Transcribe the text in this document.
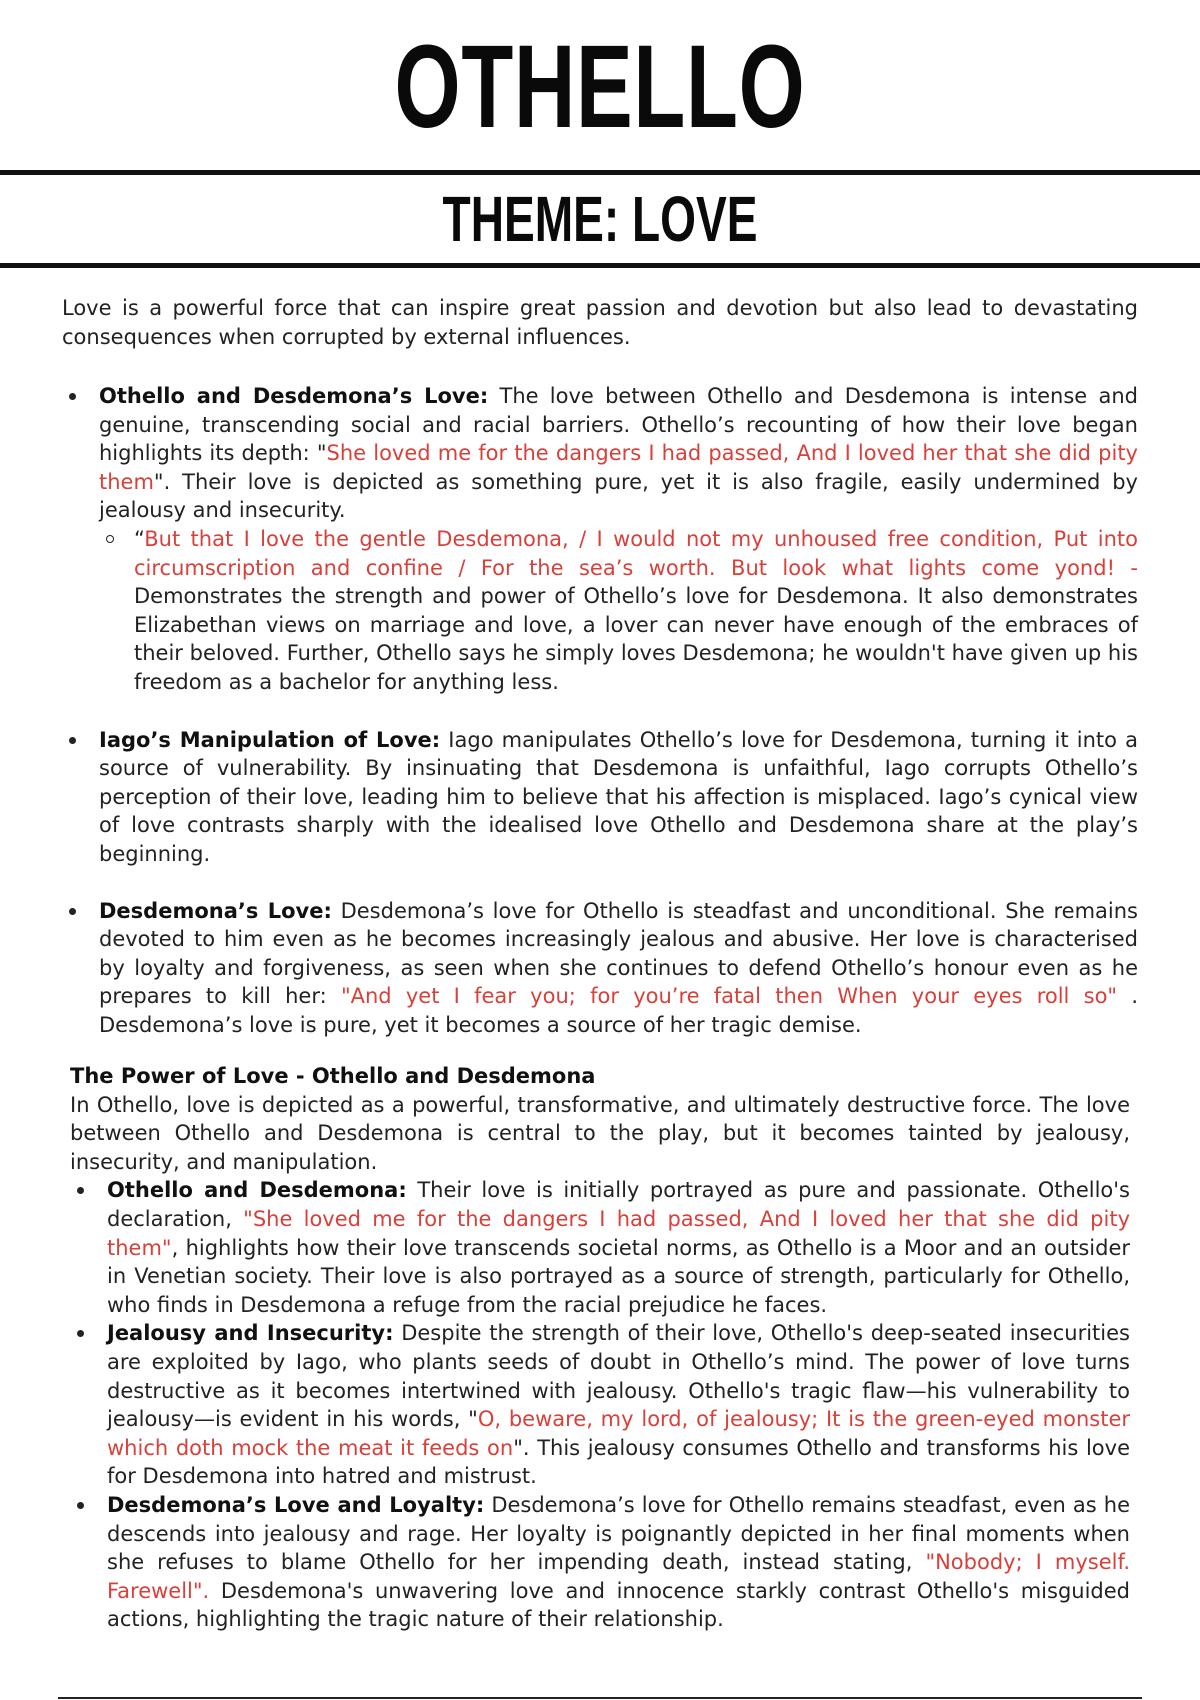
OTHELLO
THEME: LOVE

Love is a powerful force that can inspire great passion and devotion but also lead to devastating consequences when corrupted by external influences.

Othello and Desdemona’s Love: The love between Othello and Desdemona is intense and genuine, transcending social and racial barriers. Othello’s recounting of how their love began highlights its depth: "She loved me for the dangers I had passed, And I loved her that she did pity them". Their love is depicted as something pure, yet it is also fragile, easily undermined by jealousy and insecurity.
“But that I love the gentle Desdemona, / I would not my unhoused free condition, Put into circumscription and confine / For the sea’s worth. But look what lights come yond! - Demonstrates the strength and power of Othello’s love for Desdemona. It also demonstrates Elizabethan views on marriage and love, a lover can never have enough of the embraces of their beloved. Further, Othello says he simply loves Desdemona; he wouldn't have given up his freedom as a bachelor for anything less.
Iago’s Manipulation of Love: Iago manipulates Othello’s love for Desdemona, turning it into a source of vulnerability. By insinuating that Desdemona is unfaithful, Iago corrupts Othello’s perception of their love, leading him to believe that his affection is misplaced. Iago’s cynical view of love contrasts sharply with the idealised love Othello and Desdemona share at the play’s beginning.
Desdemona’s Love: Desdemona’s love for Othello is steadfast and unconditional. She remains devoted to him even as he becomes increasingly jealous and abusive. Her love is characterised by loyalty and forgiveness, as seen when she continues to defend Othello’s honour even as he prepares to kill her: "And yet I fear you; for you’re fatal then When your eyes roll so" . Desdemona’s love is pure, yet it becomes a source of her tragic demise.
The Power of Love - Othello and Desdemona
In Othello, love is depicted as a powerful, transformative, and ultimately destructive force. The love between Othello and Desdemona is central to the play, but it becomes tainted by jealousy, insecurity, and manipulation.
Othello and Desdemona: Their love is initially portrayed as pure and passionate. Othello's declaration, "She loved me for the dangers I had passed, And I loved her that she did pity them", highlights how their love transcends societal norms, as Othello is a Moor and an outsider in Venetian society. Their love is also portrayed as a source of strength, particularly for Othello, who finds in Desdemona a refuge from the racial prejudice he faces.
Jealousy and Insecurity: Despite the strength of their love, Othello's deep-seated insecurities are exploited by Iago, who plants seeds of doubt in Othello’s mind. The power of love turns destructive as it becomes intertwined with jealousy. Othello's tragic flaw—his vulnerability to jealousy—is evident in his words, "O, beware, my lord, of jealousy; It is the green-eyed monster which doth mock the meat it feeds on". This jealousy consumes Othello and transforms his love for Desdemona into hatred and mistrust.
Desdemona’s Love and Loyalty: Desdemona’s love for Othello remains steadfast, even as he descends into jealousy and rage. Her loyalty is poignantly depicted in her final moments when she refuses to blame Othello for her impending death, instead stating, "Nobody; I myself. Farewell". Desdemona's unwavering love and innocence starkly contrast Othello's misguided actions, highlighting the tragic nature of their relationship.
